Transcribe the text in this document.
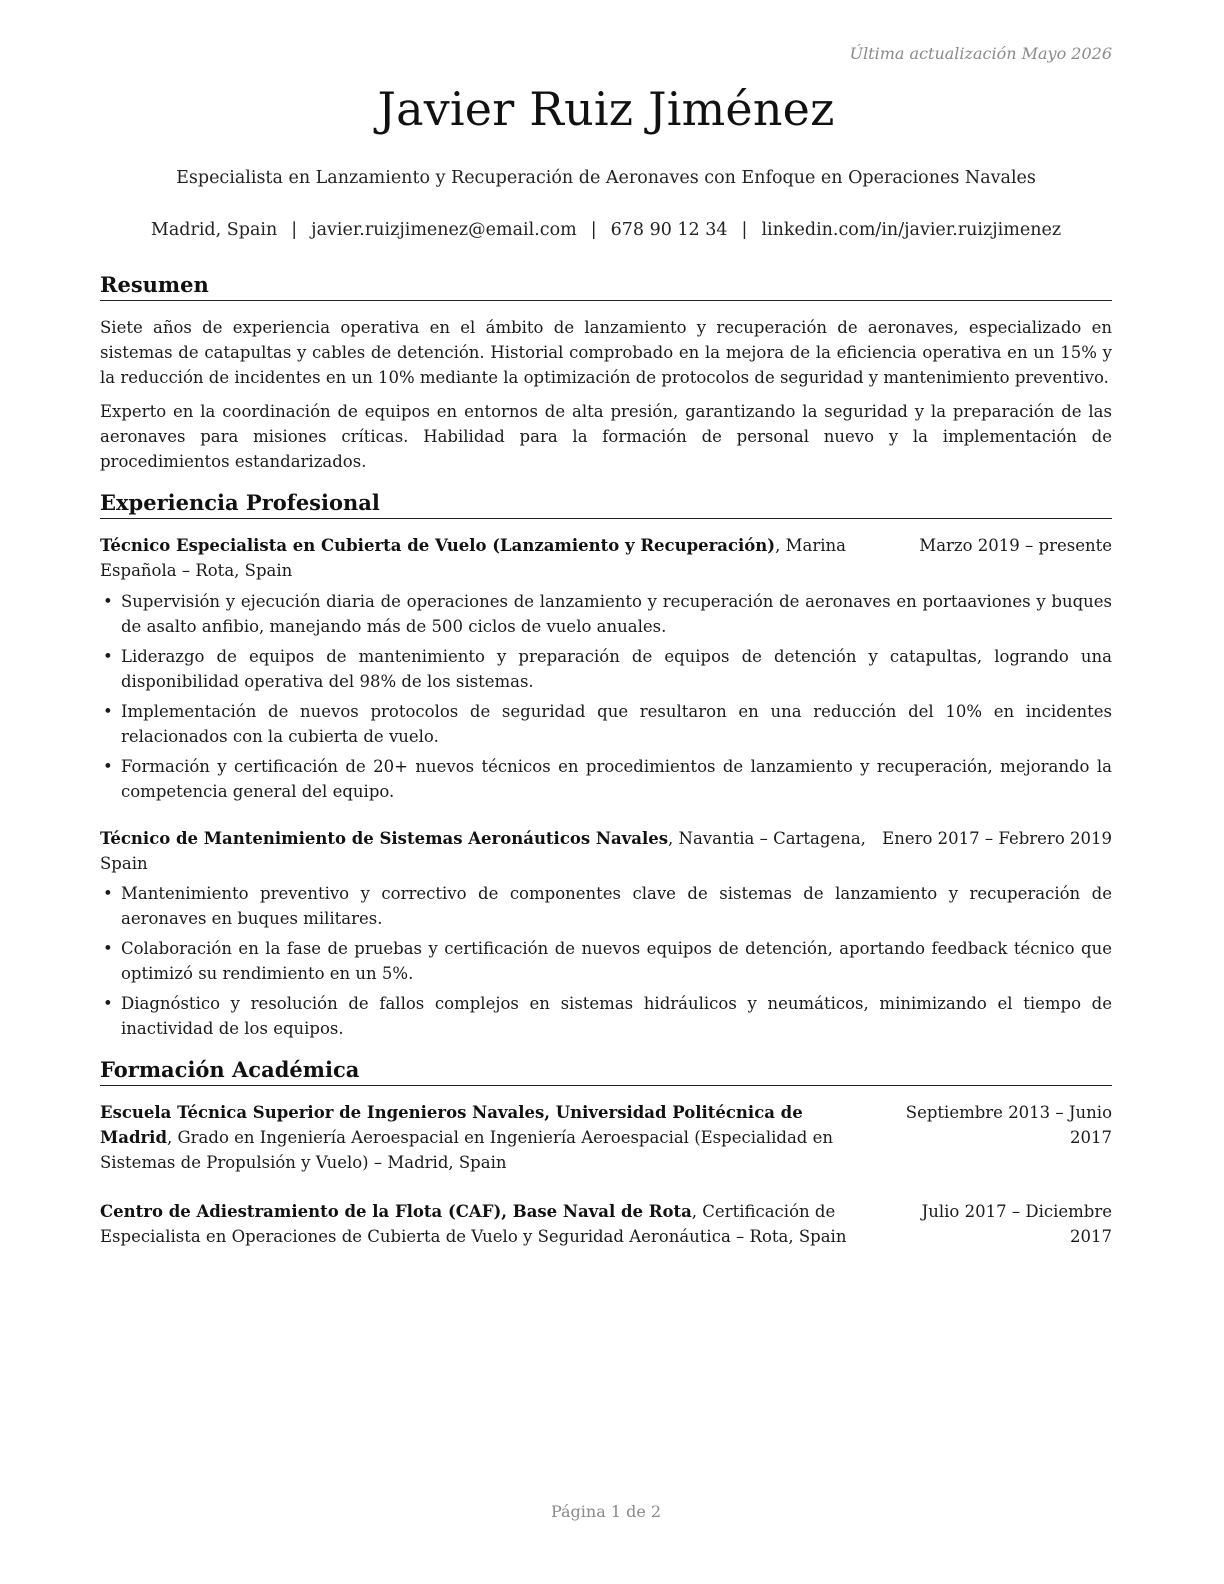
Última actualización Mayo 2026
Javier Ruiz Jiménez
Especialista en Lanzamiento y Recuperación de Aeronaves con Enfoque en Operaciones Navales
Madrid, Spain | javier.ruizjimenez@email.com | 678 90 12 34 | linkedin.com/in/javier.ruizjimenez
Resumen
Siete años de experiencia operativa en el ámbito de lanzamiento y recuperación de aeronaves, especializado en sistemas de catapultas y cables de detención. Historial comprobado en la mejora de la eficiencia operativa en un 15% y la reducción de incidentes en un 10% mediante la optimización de protocolos de seguridad y mantenimiento preventivo.
Experto en la coordinación de equipos en entornos de alta presión, garantizando la seguridad y la preparación de las aeronaves para misiones críticas. Habilidad para la formación de personal nuevo y la implementación de procedimientos estandarizados.
Experiencia Profesional
Técnico Especialista en Cubierta de Vuelo (Lanzamiento y Recuperación), Marina Española – Rota, Spain
Marzo 2019 – presente
• Supervisión y ejecución diaria de operaciones de lanzamiento y recuperación de aeronaves en portaaviones y buques de asalto anfibio, manejando más de 500 ciclos de vuelo anuales.
• Liderazgo de equipos de mantenimiento y preparación de equipos de detención y catapultas, logrando una disponibilidad operativa del 98% de los sistemas.
• Implementación de nuevos protocolos de seguridad que resultaron en una reducción del 10% en incidentes relacionados con la cubierta de vuelo.
• Formación y certificación de 20+ nuevos técnicos en procedimientos de lanzamiento y recuperación, mejorando la competencia general del equipo.
Técnico de Mantenimiento de Sistemas Aeronáuticos Navales, Navantia – Cartagena, Spain
Enero 2017 – Febrero 2019
• Mantenimiento preventivo y correctivo de componentes clave de sistemas de lanzamiento y recuperación de aeronaves en buques militares.
• Colaboración en la fase de pruebas y certificación de nuevos equipos de detención, aportando feedback técnico que optimizó su rendimiento en un 5%.
• Diagnóstico y resolución de fallos complejos en sistemas hidráulicos y neumáticos, minimizando el tiempo de inactividad de los equipos.
Formación Académica
Escuela Técnica Superior de Ingenieros Navales, Universidad Politécnica de Madrid, Grado en Ingeniería Aeroespacial en Ingeniería Aeroespacial (Especialidad en Sistemas de Propulsión y Vuelo) – Madrid, Spain
Septiembre 2013 – Junio 2017
Centro de Adiestramiento de la Flota (CAF), Base Naval de Rota, Certificación de Especialista en Operaciones de Cubierta de Vuelo y Seguridad Aeronáutica – Rota, Spain
Julio 2017 – Diciembre 2017
Página 1 de 2
